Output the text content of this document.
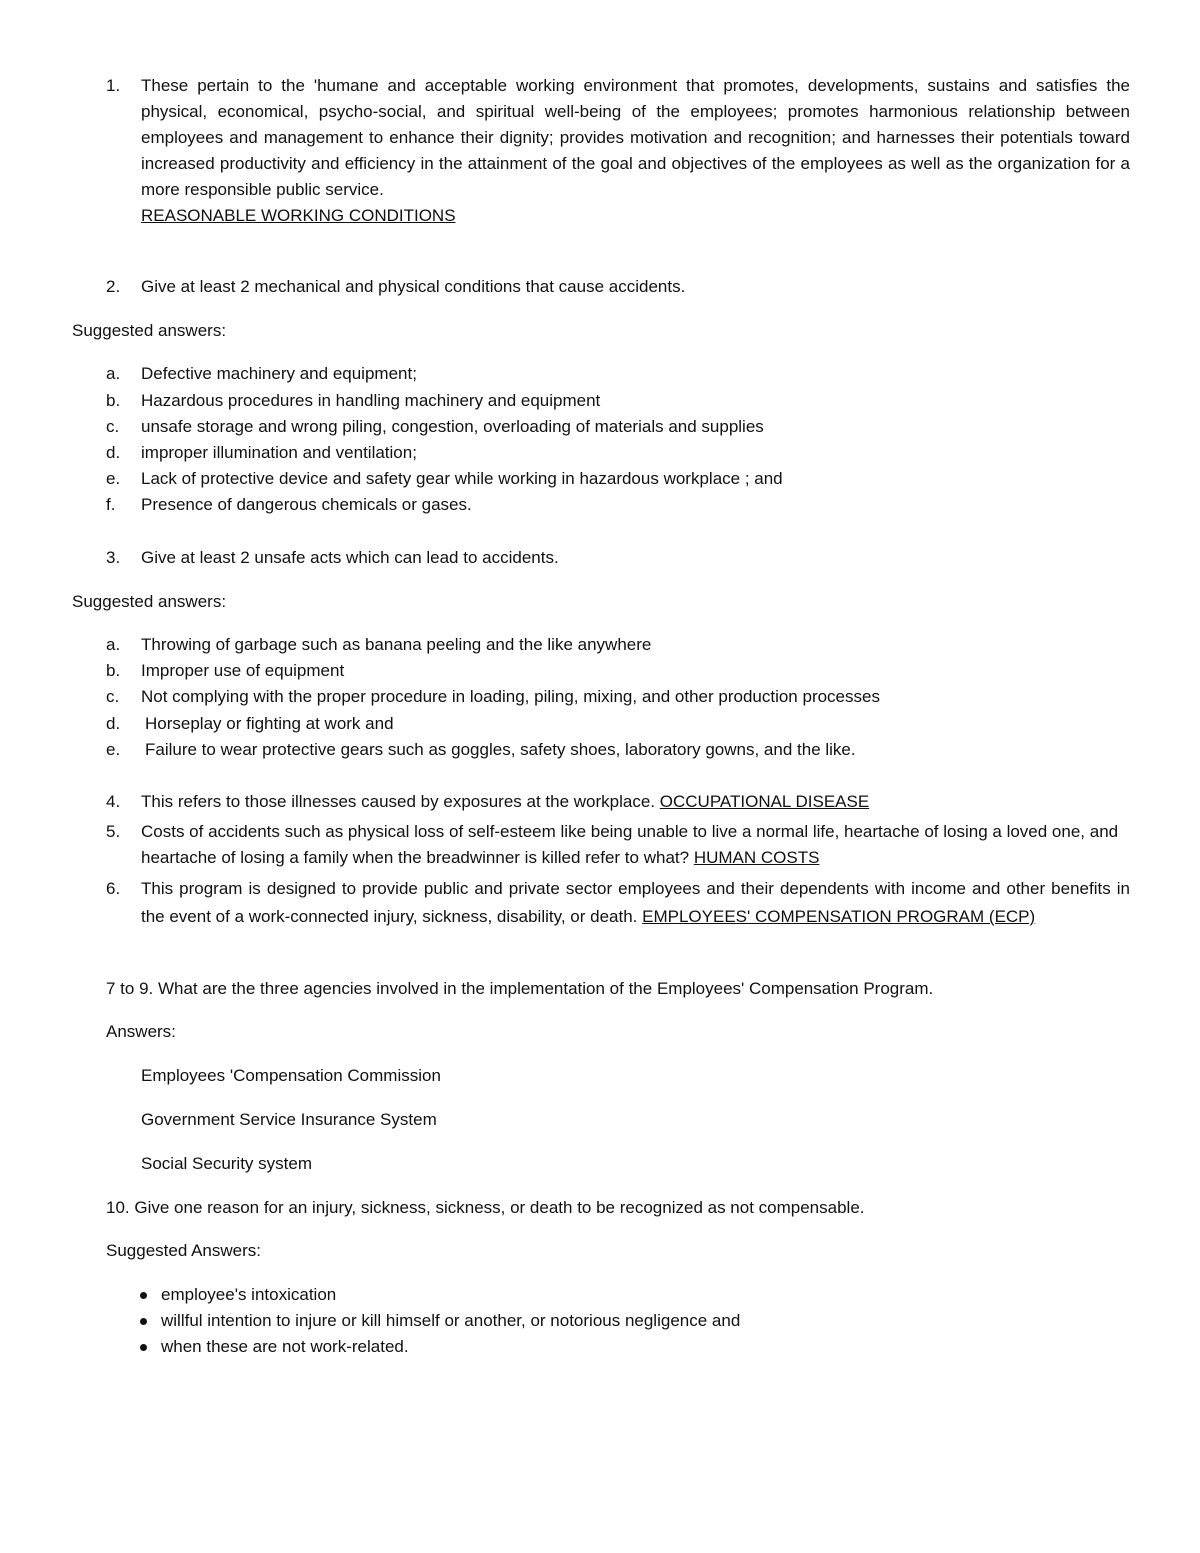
1.	These pertain to the 'humane and acceptable working environment that promotes, developments, sustains and satisfies the physical, economical, psycho-social, and spiritual well-being of the employees; promotes harmonious relationship between employees and management to enhance their dignity; provides motivation and recognition; and harnesses their potentials toward increased productivity and efficiency in the attainment of the goal and objectives of the employees as well as the organization for a more responsible public service.
REASONABLE WORKING CONDITIONS
2.	Give at least 2 mechanical and physical conditions that cause accidents.
Suggested answers:
a.	Defective machinery and equipment;
b.	Hazardous procedures in handling machinery and equipment
c.	unsafe storage and wrong piling, congestion, overloading of materials and supplies
d.	improper illumination and ventilation;
e.	Lack of protective device and safety gear while working in hazardous workplace ; and
f.	Presence of dangerous chemicals or gases.
3.	Give at least 2 unsafe acts which can lead to accidents.
Suggested answers:
a.	Throwing of garbage such as banana peeling and the like anywhere
b.	Improper use of equipment
c.	Not complying with the proper procedure in loading, piling, mixing, and other production processes
d.	Horseplay or fighting at work and
e.	Failure to wear protective gears such as goggles, safety shoes, laboratory gowns, and the like.
4.	This refers to those illnesses caused by exposures at the workplace. OCCUPATIONAL DISEASE
5.	Costs of accidents such as physical loss of self-esteem like being unable to live a normal life, heartache of losing a loved one, and heartache of losing a family when the breadwinner is killed refer to what? HUMAN COSTS
6.	This program is designed to provide public and private sector employees and their dependents with income and other benefits in the event of a work-connected injury, sickness, disability, or death. EMPLOYEES' COMPENSATION PROGRAM (ECP)
7 to 9. What are the three agencies involved in the implementation of the Employees' Compensation Program.
Answers:
Employees 'Compensation Commission
Government Service Insurance System
Social Security system
10. Give one reason for an injury, sickness, sickness, or death to be recognized as not compensable.
Suggested Answers:
employee's intoxication
willful intention to injure or kill himself or another, or notorious negligence and
when these are not work-related.
